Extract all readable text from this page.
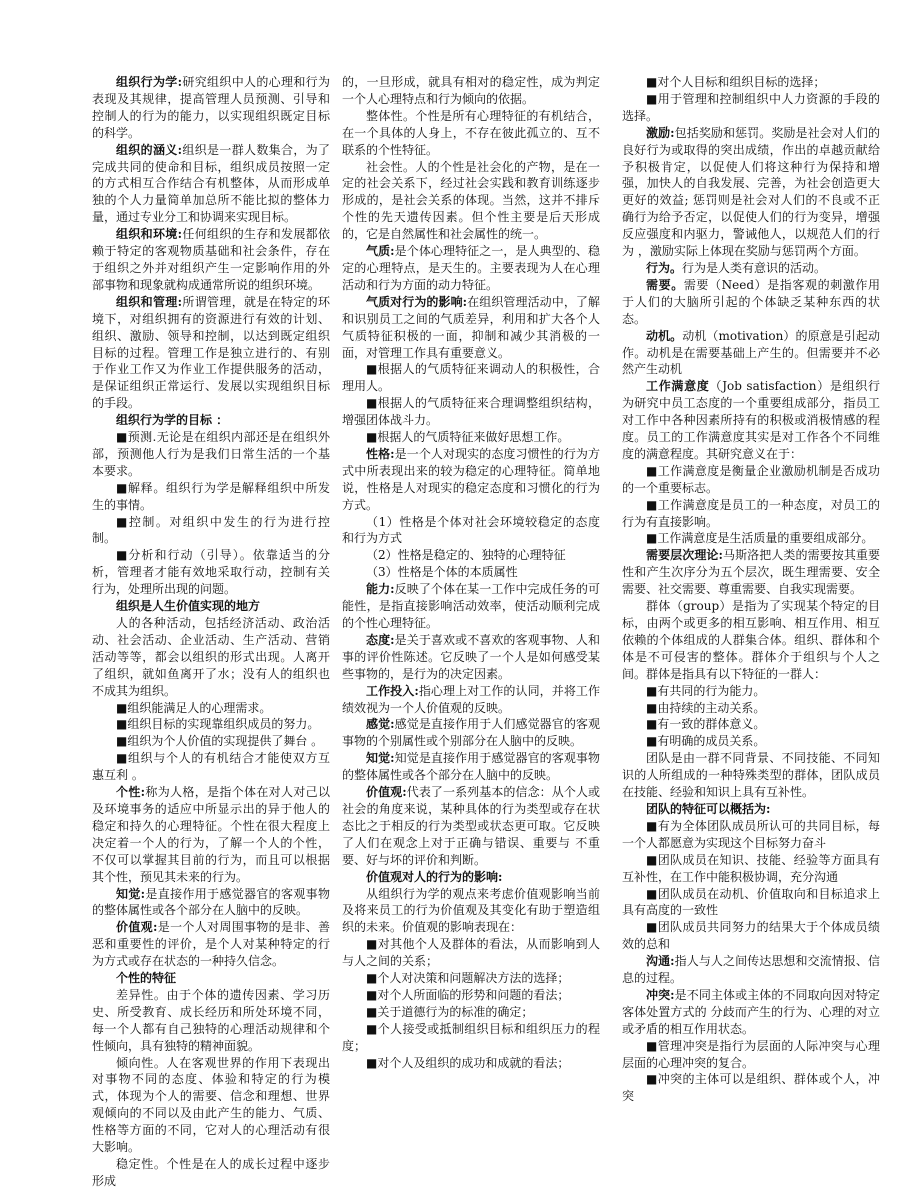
组织行为学:研究组织中人的心理和行为表现及其规律，提高管理人员预测、引导和控制人的行为的能力，以实现组织既定目标的科学。

组织的涵义:组织是一群人数集合，为了完成共同的使命和目标，组织成员按照一定的方式相互合作结合有机整体，从而形成单独的个人力量简单加总所不能比拟的整体力量，通过专业分工和协调来实现目标。

组织和环境:任何组织的生存和发展都依赖于特定的客观物质基础和社会条件，存在于组织之外并对组织产生一定影响作用的外部事物和现象就构成通常所说的组织环境。

组织和管理:所谓管理，就是在特定的环境下，对组织拥有的资源进行有效的计划、组织、激励、领导和控制，以达到既定组织目标的过程。管理工作是独立进行的、有别于作业工作又为作业工作提供服务的活动，是保证组织正常运行、发展以实现组织目标的手段。

组织行为学的目标 ：

■预测.无论是在组织内部还是在组织外部，预测他人行为是我们日常生活的一个基本要求。

■解释。组织行为学是解释组织中所发生的事情。

■控制。对组织中发生的行为进行控制。

■分析和行动（引导）。依靠适当的分析，管理者才能有效地采取行动，控制有关行为，处理所出现的问题。

组织是人生价值实现的地方

人的各种活动，包括经济活动、政治活动、社会活动、企业活动、生产活动、营销活动等等，都会以组织的形式出现。人离开了组织，就如鱼离开了水；没有人的组织也不成其为组织。

■组织能满足人的心理需求。

■组织目标的实现靠组织成员的努力。

■组织为个人价值的实现提供了舞台 。

■组织与个人的有机结合才能使双方互惠互利 。

个性:称为人格，是指个体在对人对己以及环境事务的适应中所显示出的异于他人的稳定和持久的心理特征。个性在很大程度上决定着一个人的行为，了解一个人的个性，不仅可以掌握其目前的行为，而且可以根据其个性，预见其未来的行为。

知觉:是直接作用于感觉器官的客观事物的整体属性或各个部分在人脑中的反映。

价值观:是一个人对周围事物的是非、善恶和重要性的评价，是个人对某种特定的行为方式或存在状态的一种持久信念。

个性的特征

差异性。由于个体的遗传因素、学习历史、所受教育、成长经历和所处环境不同，每一个人都有自己独特的心理活动规律和个性倾向，具有独特的精神面貌。

倾向性。人在客观世界的作用下表现出对事物不同的态度、体验和特定的行为模式，体现为个人的需要、信念和理想、世界观倾向的不同以及由此产生的能力、气质、性格等方面的不同，它对人的心理活动有很大影响。

稳定性。个性是在人的成长过程中逐步形成

的，一旦形成，就具有相对的稳定性，成为判定一个人心理特点和行为倾向的依据。

整体性。个性是所有心理特征的有机结合，在一个具体的人身上，不存在彼此孤立的、互不联系的个性特征。

社会性。人的个性是社会化的产物，是在一定的社会关系下，经过社会实践和教育训练逐步形成的，是社会关系的体现。当然，这并不排斥个性的先天遗传因素。但个性主要是后天形成的，它是自然属性和社会属性的统一。

气质:是个体心理特征之一，是人典型的、稳定的心理特点，是天生的。主要表现为人在心理活动和行为方面的动力特征。

气质对行为的影响:在组织管理活动中，了解和识别员工之间的气质差异，利用和扩大各个人气质特征积极的一面，抑制和减少其消极的一面，对管理工作具有重要意义。

■根据人的气质特征来调动人的积极性，合理用人。

■根据人的气质特征来合理调整组织结构，增强团体战斗力。

■根据人的气质特征来做好思想工作。

性格:是一个人对现实的态度习惯性的行为方式中所表现出来的较为稳定的心理特征。简单地说，性格是人对现实的稳定态度和习惯化的行为方式。

（1）性格是个体对社会环境较稳定的态度和行为方式

（2）性格是稳定的、独特的心理特征

（3）性格是个体的本质属性

能力:反映了个体在某一工作中完成任务的可能性，是指直接影响活动效率，使活动顺利完成的个性心理特征。

态度:是关于喜欢或不喜欢的客观事物、人和事的评价性陈述。它反映了一个人是如何感受某些事物的，是行为的决定因素。

工作投入:指心理上对工作的认同，并将工作绩效视为一个人价值观的反映。

感觉:感觉是直接作用于人们感觉器官的客观事物的个别属性或个别部分在人脑中的反映。

知觉:知觉是直接作用于感觉器官的客观事物的整体属性或各个部分在人脑中的反映。

价值观:代表了一系列基本的信念：从个人或社会的角度来说，某种具体的行为类型或存在状态比之于相反的行为类型或状态更可取。它反映了人们在观念上对于正确与错误、重要与 不重要、好与坏的评价和判断。

价值观对人的行为的影响:

从组织行为学的观点来考虑价值观影响当前及将来员工的行为价值观及其变化有助于塑造组织的未来。价值观的影响表现在：

■对其他个人及群体的看法，从而影响到人与人之间的关系；

■个人对决策和问题解决方法的选择；

■对个人所面临的形势和问题的看法；

■关于道德行为的标准的确定；

■个人接受或抵制组织目标和组织压力的程度；

■对个人及组织的成功和成就的看法；

■对个人目标和组织目标的选择；

■用于管理和控制组织中人力资源的手段的选择。

激励:包括奖励和惩罚。奖励是社会对人们的良好行为或取得的突出成绩，作出的卓越贡献给予积极肯定，以促使人们将这种行为保持和增强，加快人的自我发展、完善，为社会创造更大更好的效益; 惩罚则是社会对人们的不良或不正确行为给予否定，以促使人们的行为变异，增强反应强度和内驱力，警诫他人，以规范人们的行为 ，激励实际上体现在奖励与惩罚两个方面。

行为。行为是人类有意识的活动。

需要。需要（Need）是指客观的刺激作用于人们的大脑所引起的个体缺乏某种东西的状态。

动机。动机（motivation）的原意是引起动作。动机是在需要基础上产生的。但需要并不必然产生动机

工作满意度（Job satisfaction）是组织行为研究中员工态度的一个重要组成部分，指员工对工作中各种因素所持有的积极或消极情感的程度。员工的工作满意度其实是对工作各个不同维度的满意程度。其研究意义在于：

■工作满意度是衡量企业激励机制是否成功的一个重要标志。

■工作满意度是员工的一种态度，对员工的行为有直接影响。

■工作满意度是生活质量的重要组成部分。

需要层次理论:马斯洛把人类的需要按其重要性和产生次序分为五个层次，既生理需要、安全需要、社交需要、尊重需要、自我实现需要。

群体（group）是指为了实现某个特定的目标，由两个或更多的相互影响、相互作用、相互依赖的个体组成的人群集合体。组织、群体和个体是不可侵害的整体。群体介于组织与个人之间。群体是指具有以下特征的一群人：

■有共同的行为能力。

■由持续的主动关系。

■有一致的群体意义。

■有明确的成员关系。

团队是由一群不同背景、不同技能、不同知识的人所组成的一种特殊类型的群体，团队成员在技能、经验和知识上具有互补性。

团队的特征可以概括为:

■有为全体团队成员所认可的共同目标，每一个人都愿意为实现这个目标努力奋斗

■团队成员在知识、技能、经验等方面具有互补性，在工作中能积极协调，充分沟通

■团队成员在动机、价值取向和目标追求上具有高度的一致性

■团队成员共同努力的结果大于个体成员绩效的总和

沟通:指人与人之间传达思想和交流情报、信息的过程。

冲突:是不同主体或主体的不同取向因对特定客体处置方式的 分歧而产生的行为、心理的对立或矛盾的相互作用状态。

■管理冲突是指行为层面的人际冲突与心理层面的心理冲突的复合。

■冲突的主体可以是组织、群体或个人，冲突
